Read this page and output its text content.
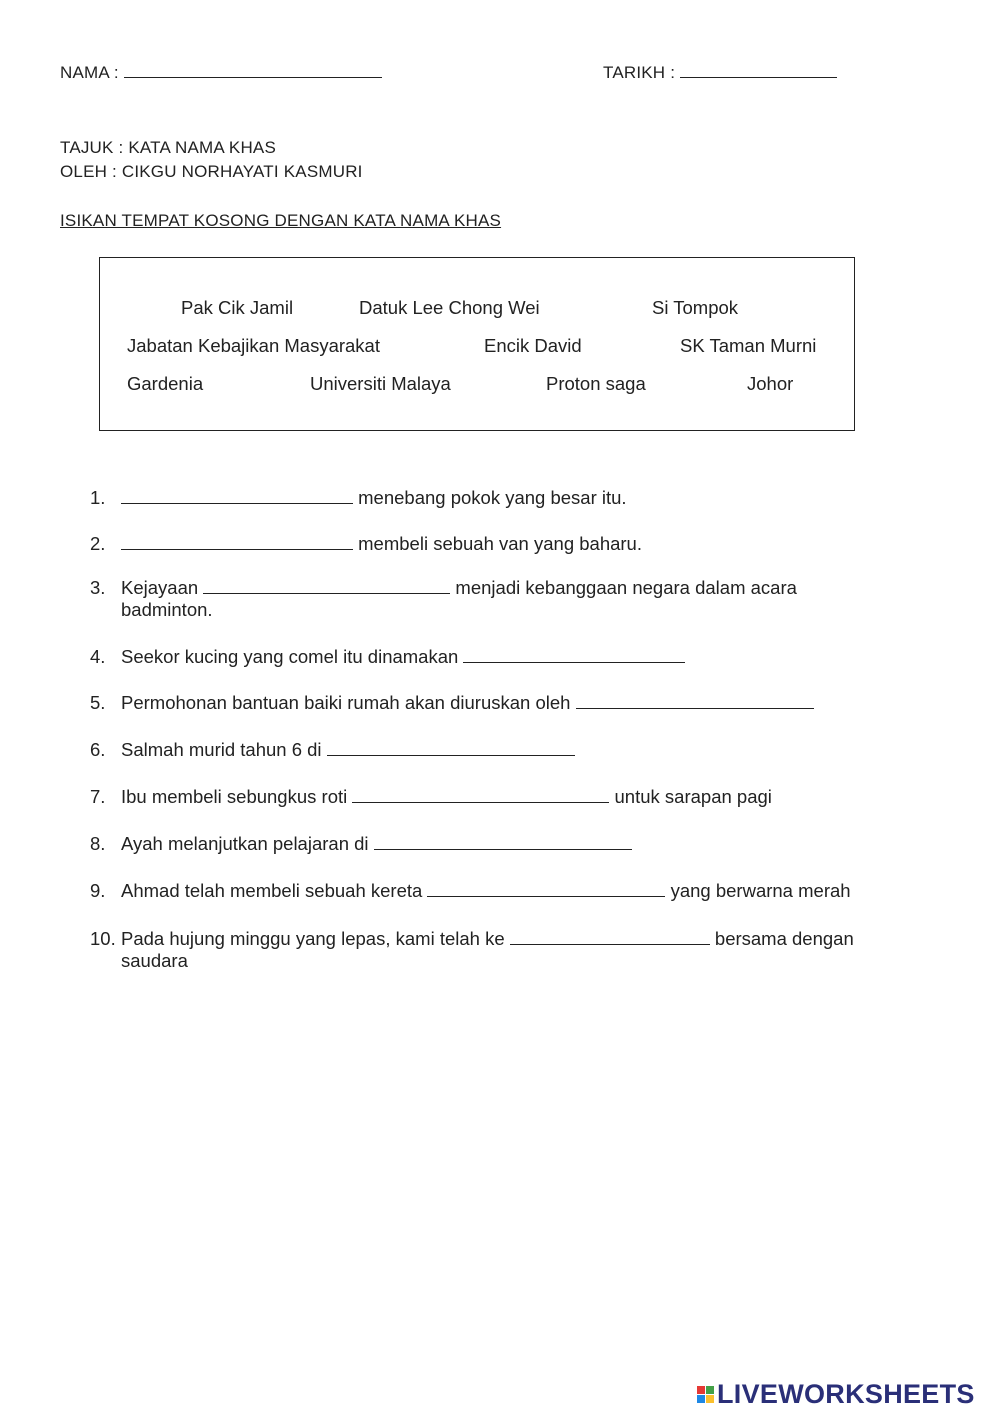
NAMA :	TARIKH :
TAJUK : KATA NAMA KHAS
OLEH : CIKGU NORHAYATI KASMURI
ISIKAN TEMPAT KOSONG DENGAN KATA NAMA KHAS
Pak Cik Jamil	Datuk Lee Chong Wei	Si Tompok
Jabatan Kebajikan Masyarakat	Encik David	SK Taman Murni
Gardenia	Universiti Malaya	Proton saga	Johor
1.	menebang pokok yang besar itu.
2.	membeli sebuah van yang baharu.
3. Kejayaan	menjadi kebanggaan negara dalam acara
badminton.
4. Seekor kucing yang comel itu dinamakan
5. Permohonan bantuan baiki rumah akan diuruskan oleh
6. Salmah murid tahun 6 di
7. Ibu membeli sebungkus roti	untuk sarapan pagi
8. Ayah melanjutkan pelajaran di
9. Ahmad telah membeli sebuah kereta	yang berwarna merah
10. Pada hujung minggu yang lepas, kami telah ke	bersama dengan
saudara
LIVEWORKSHEETS
